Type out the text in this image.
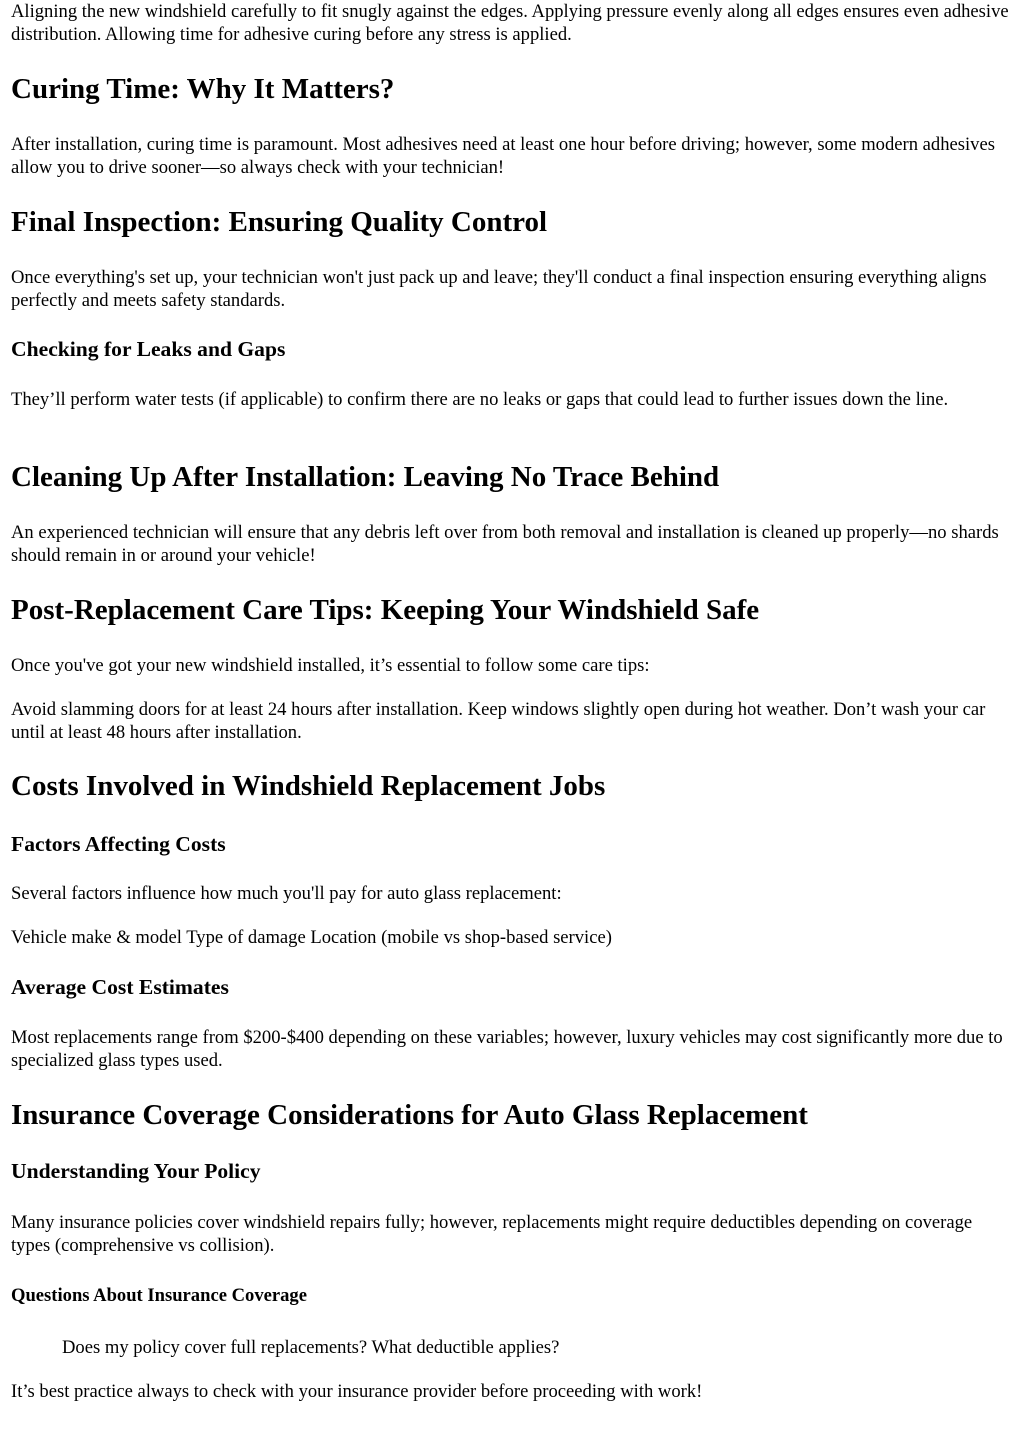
Aligning the new windshield carefully to fit snugly against the edges. Applying pressure evenly along all edges ensures even adhesive distribution. Allowing time for adhesive curing before any stress is applied.

Curing Time: Why It Matters?

After installation, curing time is paramount. Most adhesives need at least one hour before driving; however, some modern adhesives allow you to drive sooner—so always check with your technician!

Final Inspection: Ensuring Quality Control

Once everything's set up, your technician won't just pack up and leave; they'll conduct a final inspection ensuring everything aligns perfectly and meets safety standards.

Checking for Leaks and Gaps

They’ll perform water tests (if applicable) to confirm there are no leaks or gaps that could lead to further issues down the line.

Cleaning Up After Installation: Leaving No Trace Behind

An experienced technician will ensure that any debris left over from both removal and installation is cleaned up properly—no shards should remain in or around your vehicle!

Post-Replacement Care Tips: Keeping Your Windshield Safe

Once you've got your new windshield installed, it’s essential to follow some care tips:

Avoid slamming doors for at least 24 hours after installation. Keep windows slightly open during hot weather. Don’t wash your car until at least 48 hours after installation.

Costs Involved in Windshield Replacement Jobs
Factors Affecting Costs

Several factors influence how much you'll pay for auto glass replacement:

Vehicle make & model Type of damage Location (mobile vs shop-based service)

Average Cost Estimates

Most replacements range from $200-$400 depending on these variables; however, luxury vehicles may cost significantly more due to specialized glass types used.

Insurance Coverage Considerations for Auto Glass Replacement
Understanding Your Policy

Many insurance policies cover windshield repairs fully; however, replacements might require deductibles depending on coverage types (comprehensive vs collision).

Questions About Insurance Coverage

Does my policy cover full replacements? What deductible applies?

It’s best practice always to check with your insurance provider before proceeding with work!
